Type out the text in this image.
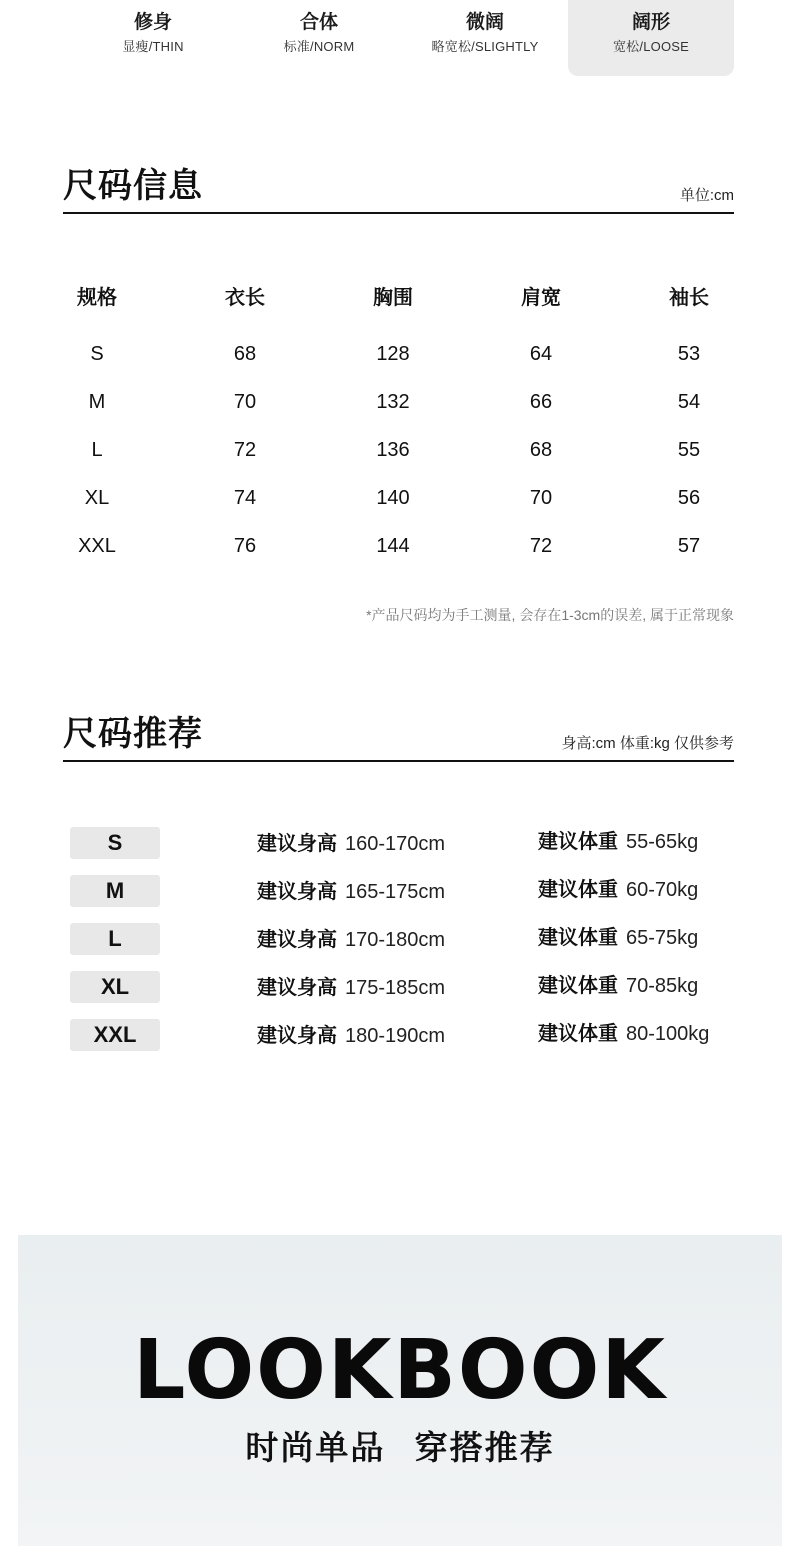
修身
显瘦/THIN
合体
标准/NORM
微阔
略宽松/SLIGHTLY
阔形
宽松/LOOSE
尺码信息	单位:cm
规格	衣长	胸围	肩宽	袖长
S	68	128	64	53
M	70	132	66	54
L	72	136	68	55
XL	74	140	70	56
XXL	76	144	72	57
*产品尺码均为手工测量, 会存在1-3cm的误差, 属于正常现象
尺码推荐	身高:cm 体重:kg 仅供参考
S	建议身高 160-170cm	建议体重 55-65kg
M	建议身高 165-175cm	建议体重 60-70kg
L	建议身高 170-180cm	建议体重 65-75kg
XL	建议身高 175-185cm	建议体重 70-85kg
XXL	建议身高 180-190cm	建议体重 80-100kg
LOOKBOOK
时尚单品 穿搭推荐
